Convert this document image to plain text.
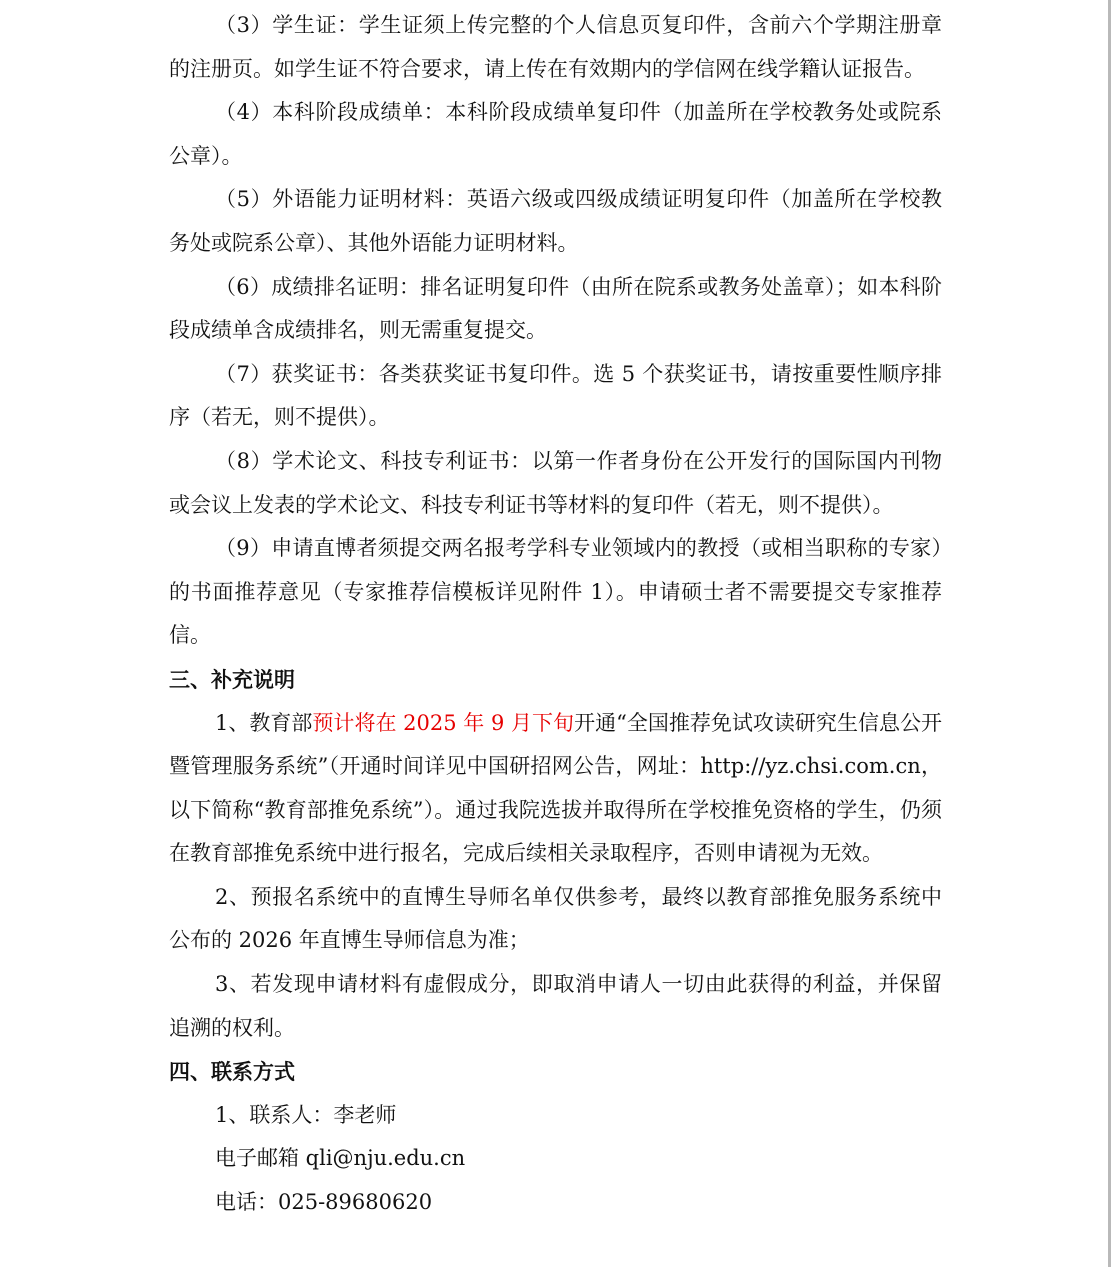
（3）学生证：学生证须上传完整的个人信息页复印件，含前六个学期注册章的注册页。如学生证不符合要求，请上传在有效期内的学信网在线学籍认证报告。

（4）本科阶段成绩单：本科阶段成绩单复印件（加盖所在学校教务处或院系公章）。

（5）外语能力证明材料：英语六级或四级成绩证明复印件（加盖所在学校教务处或院系公章）、其他外语能力证明材料。

（6）成绩排名证明：排名证明复印件（由所在院系或教务处盖章）；如本科阶段成绩单含成绩排名，则无需重复提交。

（7）获奖证书：各类获奖证书复印件。选 5 个获奖证书，请按重要性顺序排序（若无，则不提供）。

（8）学术论文、科技专利证书：以第一作者身份在公开发行的国际国内刊物或会议上发表的学术论文、科技专利证书等材料的复印件（若无，则不提供）。

（9）申请直博者须提交两名报考学科专业领域内的教授（或相当职称的专家）的书面推荐意见（专家推荐信模板详见附件 1）。申请硕士者不需要提交专家推荐信。

三、补充说明

1、教育部预计将在 2025 年 9 月下旬开通“全国推荐免试攻读研究生信息公开暨管理服务系统”（开通时间详见中国研招网公告，网址：http://yz.chsi.com.cn，以下简称“教育部推免系统”）。通过我院选拔并取得所在学校推免资格的学生，仍须在教育部推免系统中进行报名，完成后续相关录取程序，否则申请视为无效。

2、预报名系统中的直博生导师名单仅供参考，最终以教育部推免服务系统中公布的 2026 年直博生导师信息为准；

3、若发现申请材料有虚假成分，即取消申请人一切由此获得的利益，并保留追溯的权利。

四、联系方式

1、联系人：李老师

电子邮箱 qli@nju.edu.cn

电话：025-89680620
